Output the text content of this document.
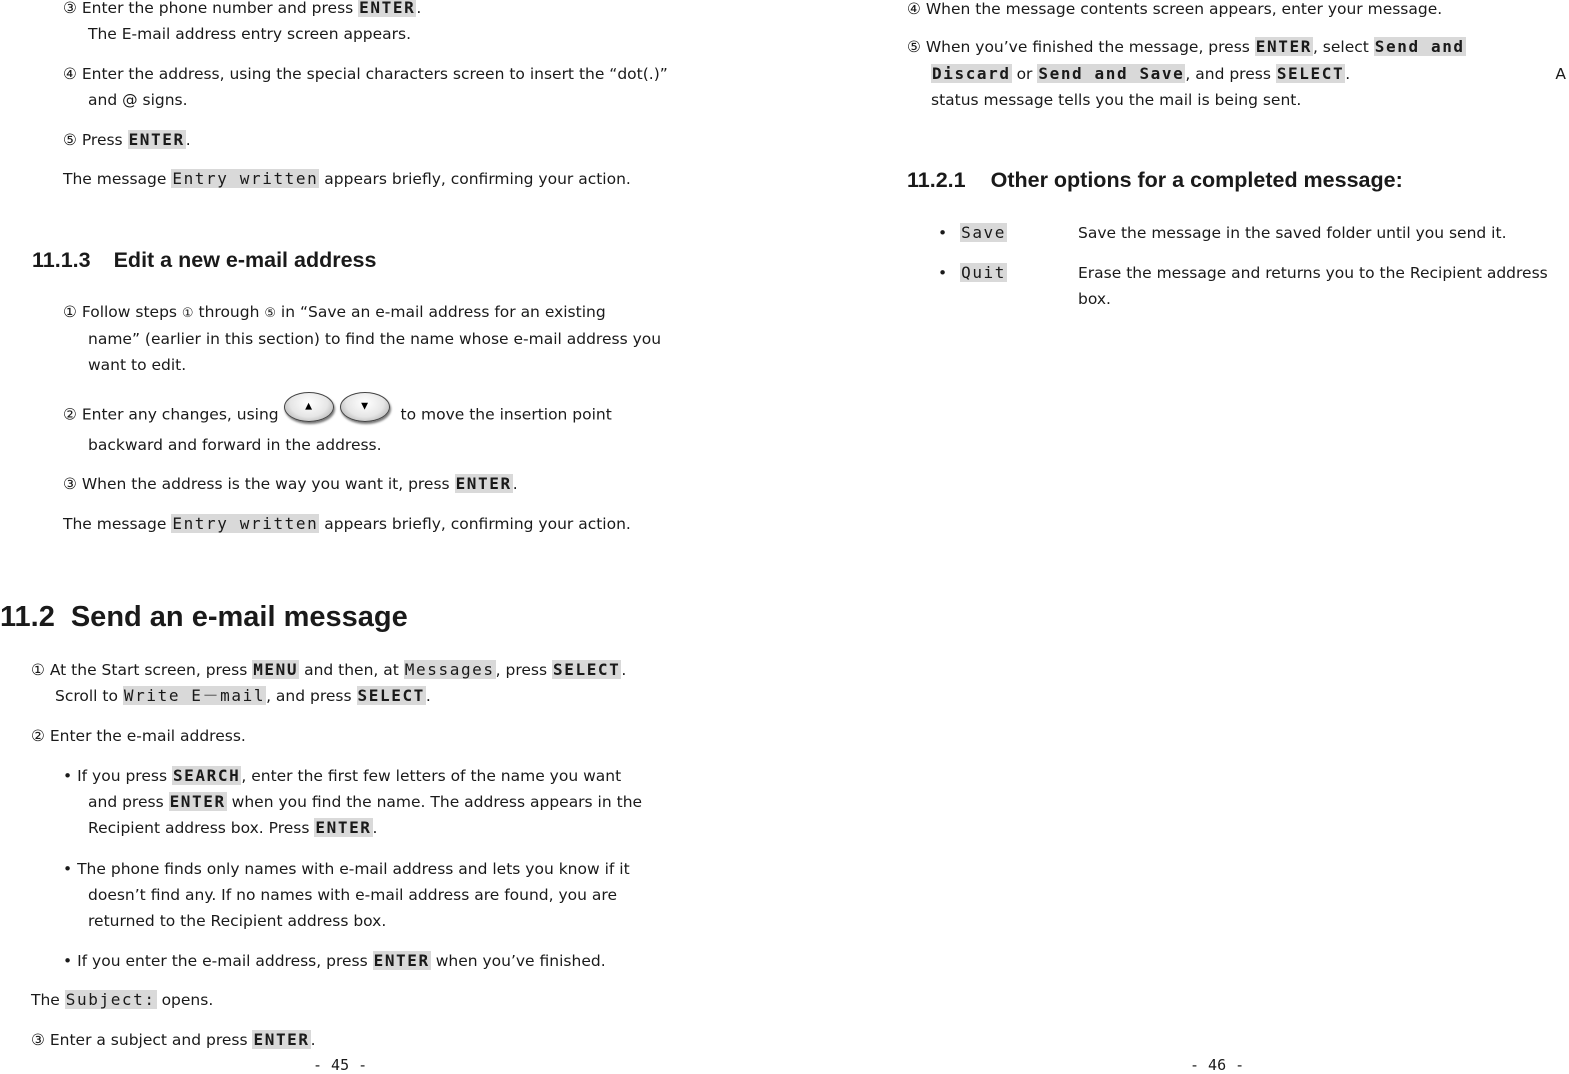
③ Enter the phone number and press ENTER.
The E-mail address entry screen appears.
④ Enter the address, using the special characters screen to insert the “dot(.)”
and @ signs.
⑤ Press ENTER.
The message Entry written appears briefly, confirming your action.
11.1.3 Edit a new e-mail address
① Follow steps ① through ⑤ in “Save an e-mail address for an existing
name” (earlier in this section) to find the name whose e-mail address you
want to edit.
② Enter any changes, using ▲	▼ to move the insertion point
backward and forward in the address.
③ When the address is the way you want it, press ENTER.
The message Entry written appears briefly, confirming your action.
11.2 Send an e-mail message
① At the Start screen, press MENU and then, at Messages, press SELECT.
Scroll to Write E－mail, and press SELECT.
② Enter the e-mail address.
• If you press SEARCH, enter the first few letters of the name you want
and press ENTER when you find the name. The address appears in the
Recipient address box. Press ENTER.
• The phone finds only names with e-mail address and lets you know if it
doesn’t find any. If no names with e-mail address are found, you are
returned to the Recipient address box.
• If you enter the e-mail address, press ENTER when you’ve finished.
The Subject: opens.
③ Enter a subject and press ENTER.
- 45 -
④ When the message contents screen appears, enter your message.
⑤ When you’ve finished the message, press ENTER, select Send and
Discard or Send and Save, and press SELECT.	A
status message tells you the mail is being sent.
11.2.1 Other options for a completed message:
• Save	Save the message in the saved folder until you send it.
• Quit	Erase the message and returns you to the Recipient address
box.
- 46 -
